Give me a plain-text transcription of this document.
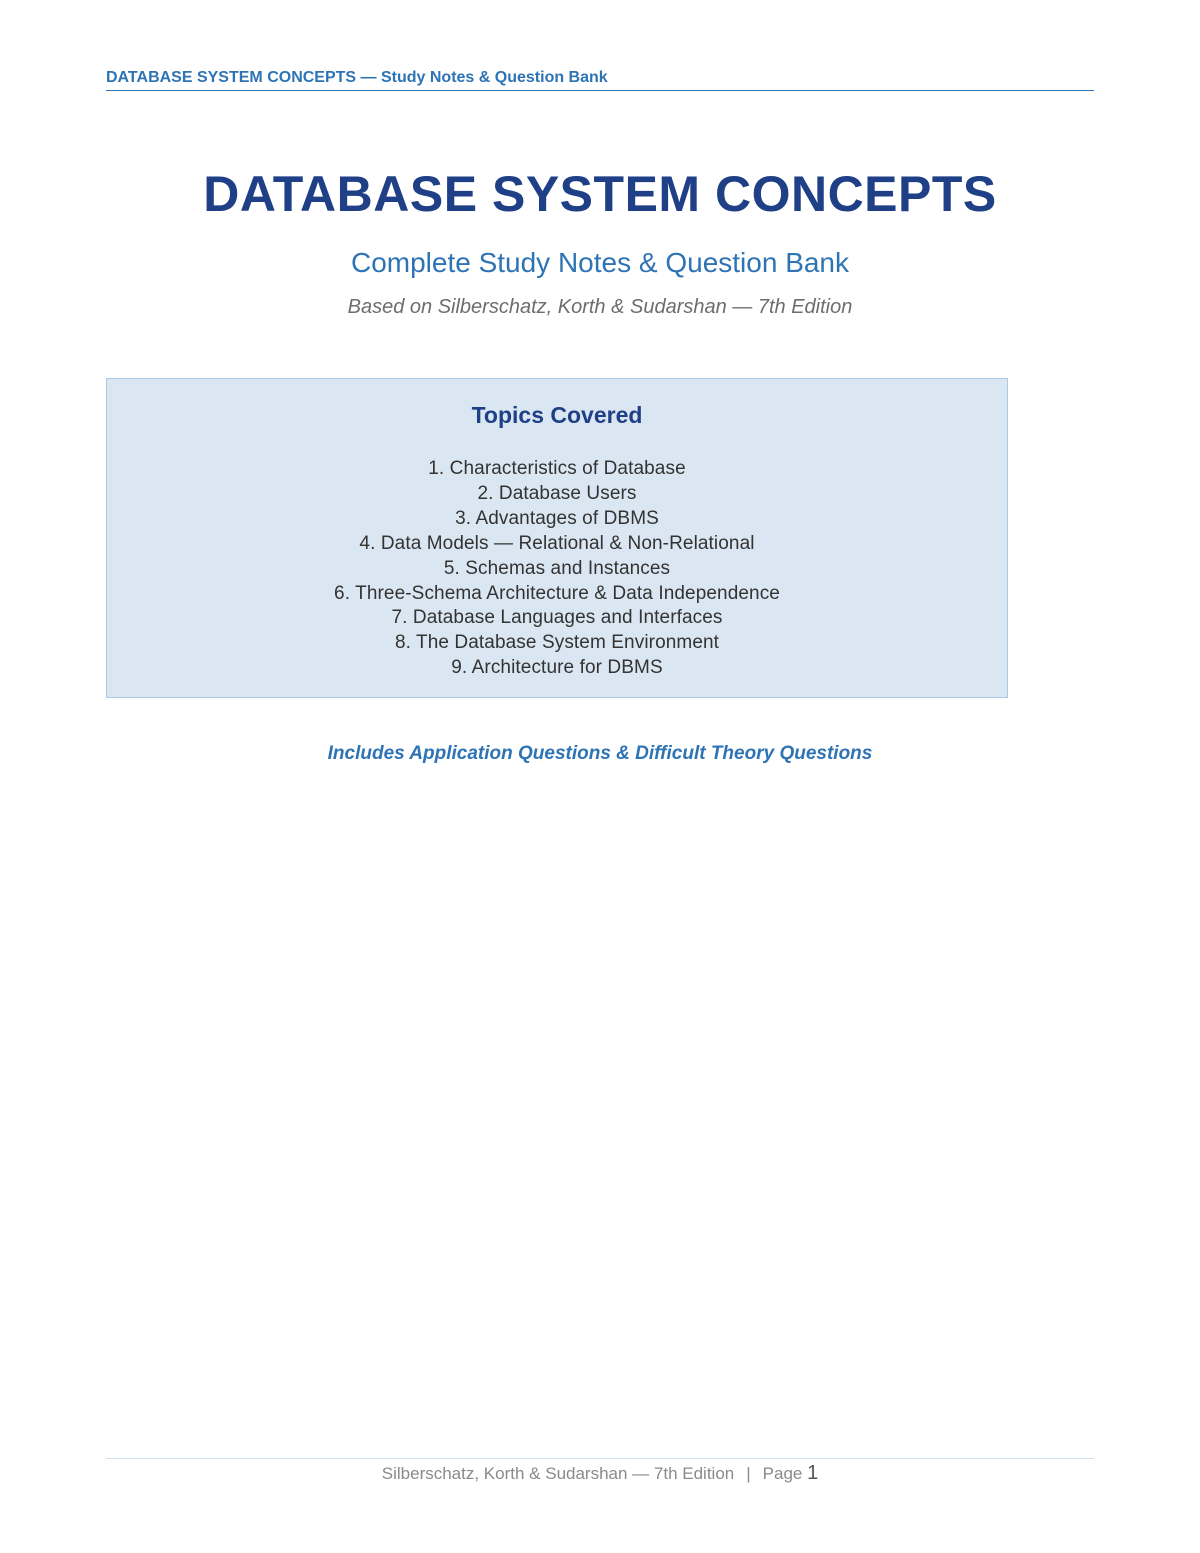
DATABASE SYSTEM CONCEPTS — Study Notes & Question Bank
DATABASE SYSTEM CONCEPTS
Complete Study Notes & Question Bank
Based on Silberschatz, Korth & Sudarshan — 7th Edition
Topics Covered
1. Characteristics of Database
2. Database Users
3. Advantages of DBMS
4. Data Models — Relational & Non-Relational
5. Schemas and Instances
6. Three-Schema Architecture & Data Independence
7. Database Languages and Interfaces
8. The Database System Environment
9. Architecture for DBMS
Includes Application Questions & Difficult Theory Questions
Silberschatz, Korth & Sudarshan — 7th Edition | Page 1
